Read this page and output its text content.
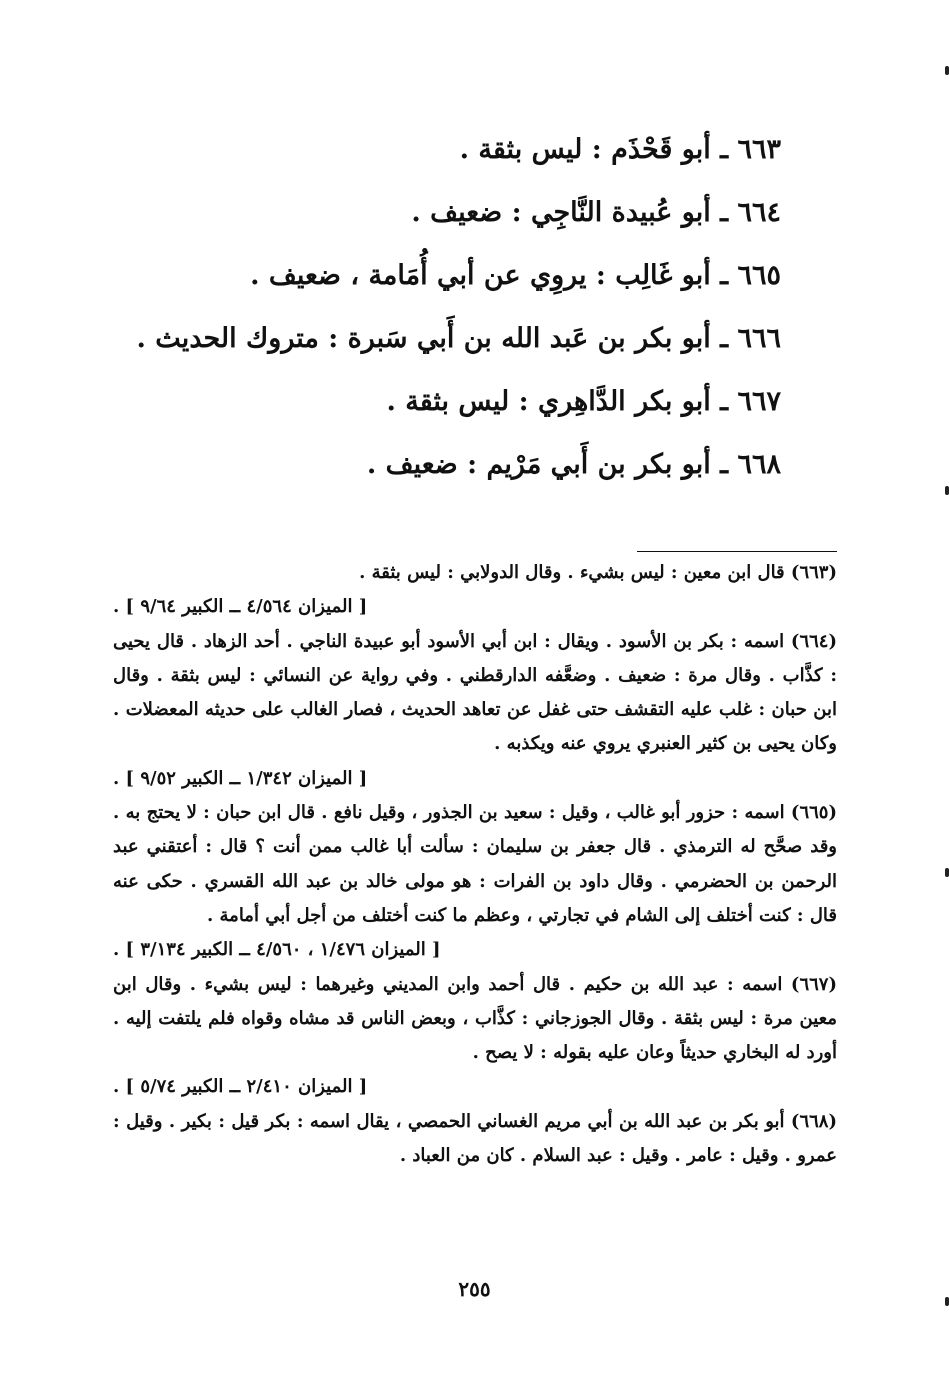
٦٦٣ ـ أبو قَحْذَم : ليس بثقة .
٦٦٤ ـ أبو عُبيدة النَّاجِي : ضعيف .
٦٦٥ ـ أبو غَالِب : يروِي عن أبي أُمَامة ، ضعيف .
٦٦٦ ـ أبو بكر بن عَبد الله بن أَبي سَبرة : متروك الحديث .
٦٦٧ ـ أبو بكر الدَّاهِري : ليس بثقة .
٦٦٨ ـ أبو بكر بن أَبي مَرْيم : ضعيف .

(٦٦٣) قال ابن معين : ليس بشيء . وقال الدولابي : ليس بثقة .
[ الميزان ٤/٥٦٤ ــ الكبير ٩/٦٤ ] .

(٦٦٤) اسمه : بكر بن الأسود . ويقال : ابن أبي الأسود أبو عبيدة الناجي . أحد الزهاد . قال يحيى : كذَّاب . وقال مرة : ضعيف . وضعَّفه الدارقطني . وفي رواية عن النسائي : ليس بثقة . وقال ابن حبان : غلب عليه التقشف حتى غفل عن تعاهد الحديث ، فصار الغالب على حديثه المعضلات . وكان يحيى بن كثير العنبري يروي عنه ويكذبه .
[ الميزان ١/٣٤٢ ــ الكبير ٩/٥٢ ] .

(٦٦٥) اسمه : حزور أبو غالب ، وقيل : سعيد بن الجذور ، وقيل نافع . قال ابن حبان : لا يحتج به . وقد صحَّح له الترمذي . قال جعفر بن سليمان : سألت أبا غالب ممن أنت ؟ قال : أعتقني عبد الرحمن بن الحضرمي . وقال داود بن الفرات : هو مولى خالد بن عبد الله القسري . حكى عنه قال : كنت أختلف إلى الشام في تجارتي ، وعظم ما كنت أختلف من أجل أبي أمامة .
[ الميزان ١/٤٧٦ ، ٤/٥٦٠ ــ الكبير ٣/١٣٤ ] .

(٦٦٧) اسمه : عبد الله بن حكيم . قال أحمد وابن المديني وغيرهما : ليس بشيء . وقال ابن معين مرة : ليس بثقة . وقال الجوزجاني : كذَّاب ، وبعض الناس قد مشاه وقواه فلم يلتفت إليه . أورد له البخاري حديثاً وعان عليه بقوله : لا يصح .
[ الميزان ٢/٤١٠ ــ الكبير ٥/٧٤ ] .

(٦٦٨) أبو بكر بن عبد الله بن أبي مريم الغساني الحمصي ، يقال اسمه : بكر قيل : بكير . وقيل : عمرو . وقيل : عامر . وقيل : عبد السلام . كان من العباد .

٢٥٥
